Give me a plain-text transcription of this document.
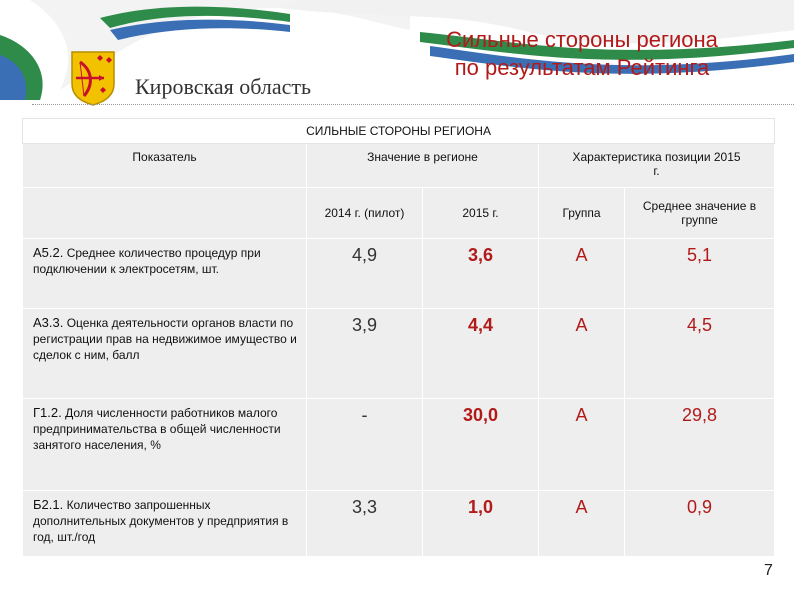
Кировская область
Сильные стороны региона
по результатам Рейтинга
СИЛЬНЫЕ СТОРОНЫ РЕГИОНА				
Показатель	Значение в регионе		Характеристика позиции 2015 г.	

	2014 г. (пилот)	2015 г.	Группа	Среднее значение в группе

А5.2. Среднее количество процедур при подключении к электросетям, шт.	4,9	3,6	А	5,1
А3.3. Оценка деятельности органов власти по регистрации прав на недвижимое имущество и сделок с ним, балл	3,9	4,4	А	4,5
Г1.2. Доля численности работников малого предпринимательства в общей численности занятого населения, %	-	30,0	А	29,8
Б2.1. Количество запрошенных дополнительных документов у предприятия в год, шт./год	3,3	1,0	А	0,9
7
